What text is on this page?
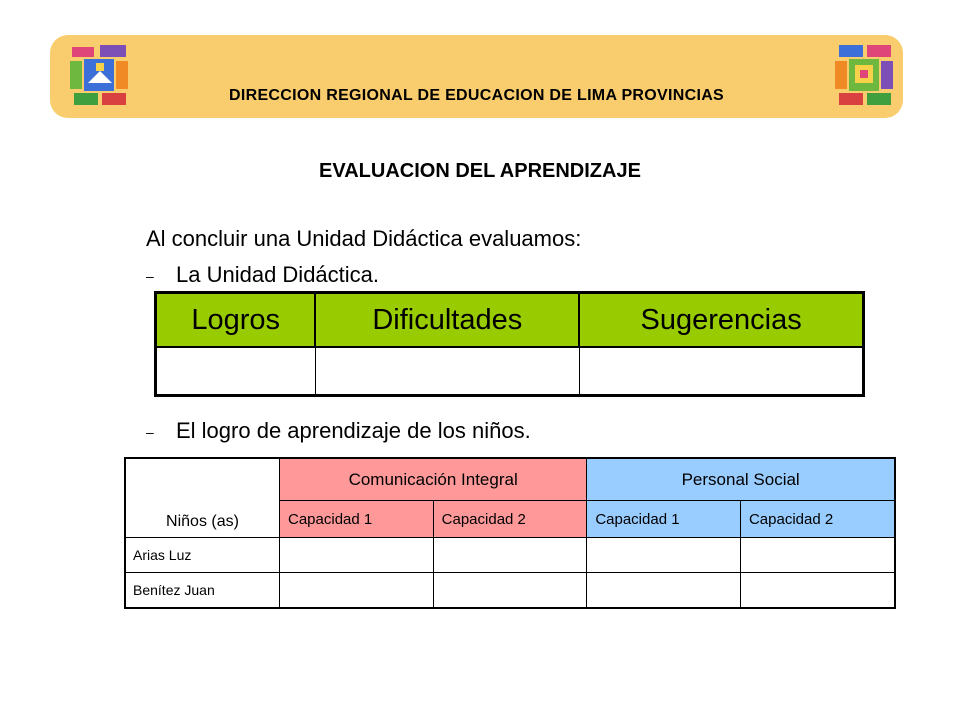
DIRECCION REGIONAL DE EDUCACION DE LIMA PROVINCIAS
EVALUACION DEL APRENDIZAJE
Al concluir una Unidad Didáctica evaluamos:
– La Unidad Didáctica.
Logros	Dificultades	Sugerencias

– El logro de aprendizaje de los niños.
Niños (as)	Comunicación Integral		Personal Social	
	Capacidad 1	Capacidad 2	Capacidad 1	Capacidad 2
Arias Luz				
Benítez Juan				
